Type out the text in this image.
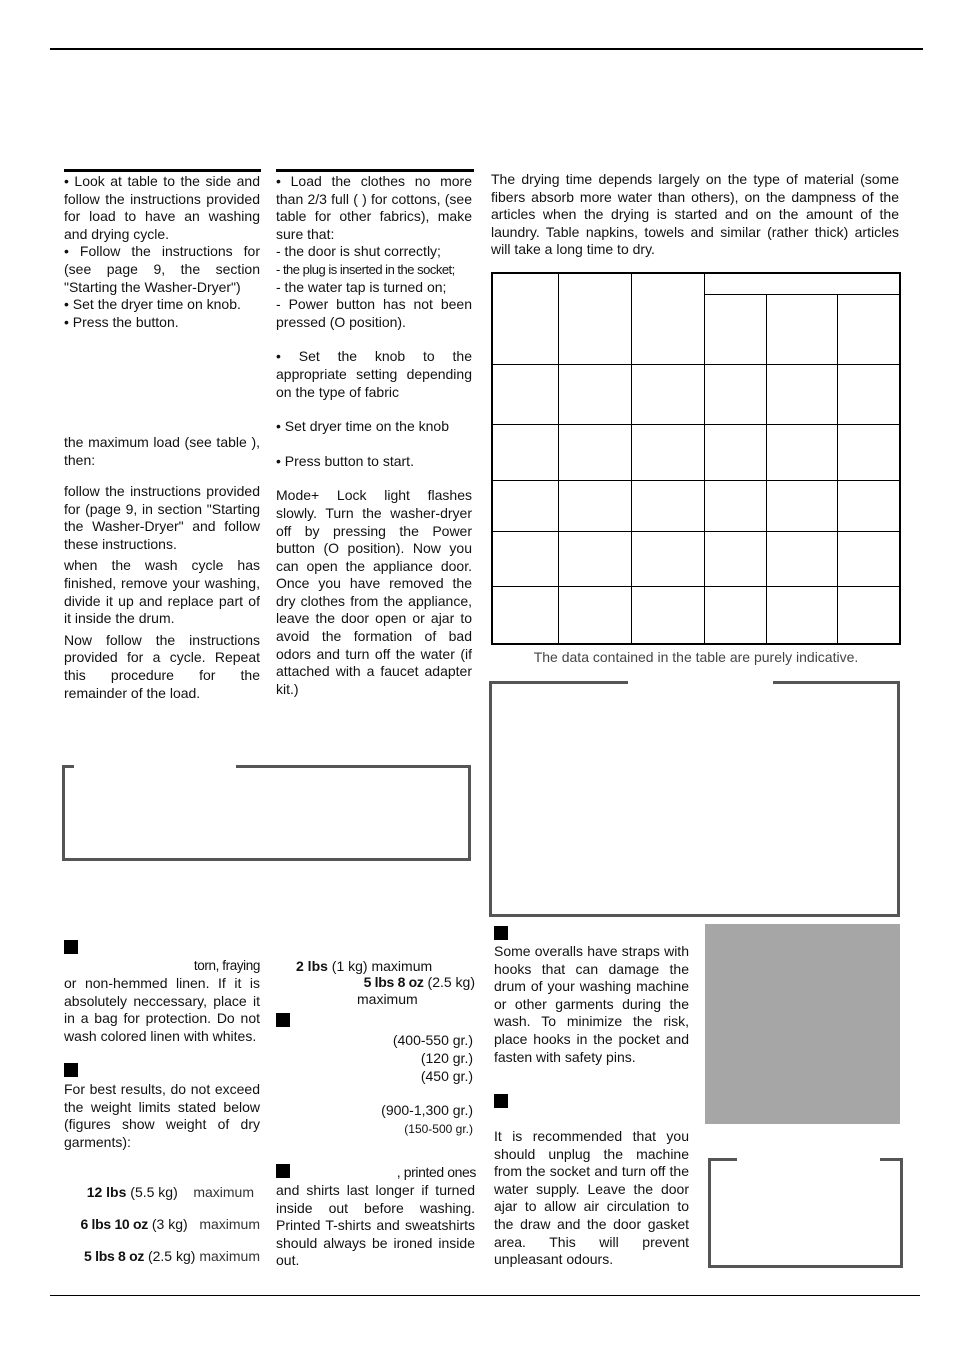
• Look at table to the side and follow the instructions provided for load to have an washing and drying cycle.

• Follow the instructions for (see page 9, the section "Starting the Washer-Dryer")

• Set the dryer time on knob.

• Press the button.

the maximum load (see table ), then:

follow the instructions provided for (page 9, in section "Starting the Washer-Dryer" and follow these instructions.

when the wash cycle has finished, remove your washing, divide it up and replace part of it inside the drum.

Now follow the instructions provided for a cycle. Repeat this procedure for the remainder of the load.

• Load the clothes no more than 2/3 full ( ) for cottons, (see table for other fabrics), make sure that:

- the door is shut correctly;

- the plug is inserted in the socket;

- the water tap is turned on;

- Power button has not been pressed (O position).

• Set the knob to the appropriate setting depending on the type of fabric

• Set dryer time on the knob

• Press button to start.

Mode+ Lock light flashes slowly. Turn the washer-dryer off by pressing the Power button (O position). Now you can open the appliance door. Once you have removed the dry clothes from the appliance, leave the door open or ajar to avoid the formation of bad odors and turn off the water (if attached with a faucet adapter kit.)

The drying time depends largely on the type of material (some fibers absorb more water than others), on the dampness of the articles when the drying is started and on the amount of the laundry. Table napkins, towels and similar (rather thick) articles will take a long time to dry.

The data contained in the table are purely indicative.
torn, fraying

or non-hemmed linen. If it is absolutely neccessary, place it in a bag for protection. Do not wash colored linen with whites.

For best results, do not exceed the weight limits stated below (figures show weight of dry garments):

12 lbs (5.5 kg) maximum
6 lbs 10 oz (3 kg) maximum
5 lbs 8 oz (2.5 kg) maximum
2 lbs (1 kg) maximum
5 lbs 8 oz (2.5 kg)
maximum
(400-550 gr.)
(120 gr.)
(450 gr.)
(900-1,300 gr.)
(150-500 gr.)
, printed ones

and shirts last longer if turned inside out before washing. Printed T-shirts and sweatshirts should always be ironed inside out.

Some overalls have straps with hooks that can damage the drum of your washing machine or other garments during the wash. To minimize the risk, place hooks in the pocket and fasten with safety pins.

It is recommended that you should unplug the machine from the socket and turn off the water supply. Leave the door ajar to allow air circulation to the draw and the door gasket area. This will prevent unpleasant odours.
